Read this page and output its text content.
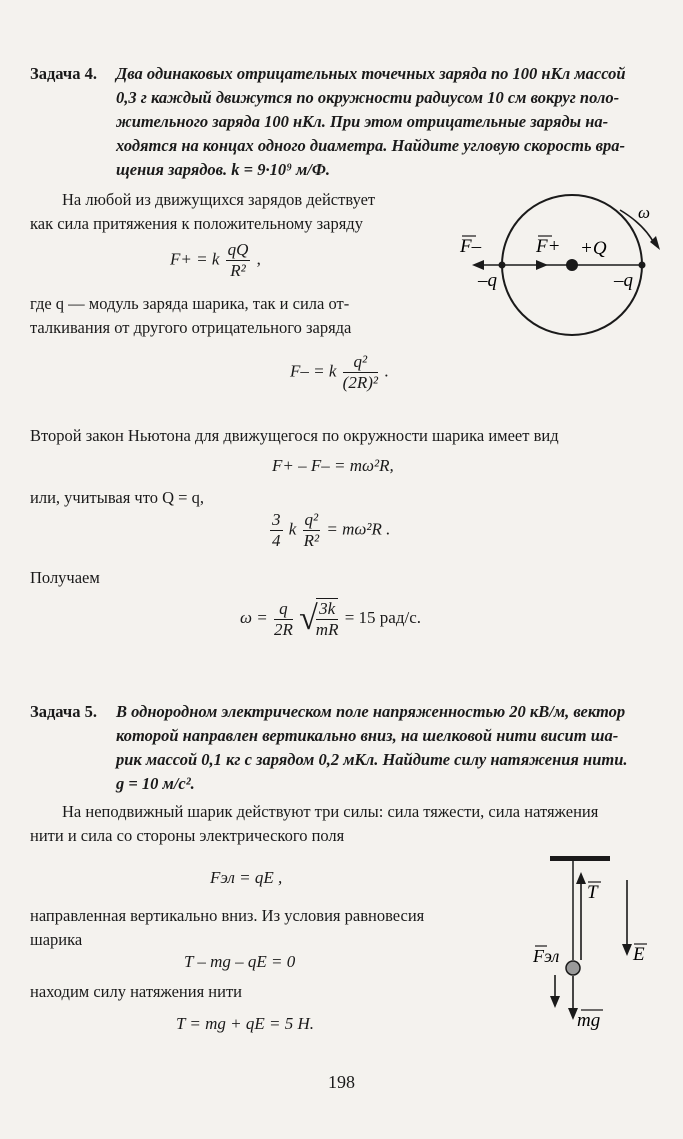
Задача 4. Два одинаковых отрицательных точечных заряда по 100 нКл массой
0,3 г каждый движутся по окружности радиусом 10 см вокруг поло-
жительного заряда 100 нКл. При этом отрицательные заряды на-
ходятся на концах одного диаметра. Найдите угловую скорость вра-
щения зарядов. k = 9·10⁹ м/Ф.
На любой из движущихся зарядов действует
как сила притяжения к положительному заряду
F+ = k $\frac{qQ}{\text{R²}}$ ,
где q — модуль заряда шарика, так и сила от-
талкивания от другого отрицательного заряда
F– = k $\frac{\text{q²}}{\text{(2R)²}}$ .
Второй закон Ньютона для движущегося по окружности шарика имеет вид
F+ – F– = mω²R,
или, учитывая что Q = q,
$\frac{3}{4}$ k $\frac{\text{q²}}{\text{R²}} = m\omega^2R$ .
Получаем
$\omega = \frac{q}{2R}$ √
$\frac{3k}{mR} = 15$ рад/с.
ω
F–	F+ +Q
–q	–q
Задача 5. В однородном электрическом поле напряженностью 20 кВ/м, вектор
которой направлен вертикально вниз, на шелковой нити висит ша-
рик массой 0,1 кг с зарядом 0,2 мКл. Найдите силу натяжения нити.
g = 10 м/с².
На неподвижный шарик действуют три силы: сила тяжести, сила натяжения
нити и сила со стороны электрического поля
Fэл = qE ,
направленная вертикально вниз. Из условия равновесия
шарика
T – mg – qE = 0
находим силу натяжения нити
T = mg + qE = 5 Н.
T
E
Fэл
mg
198
